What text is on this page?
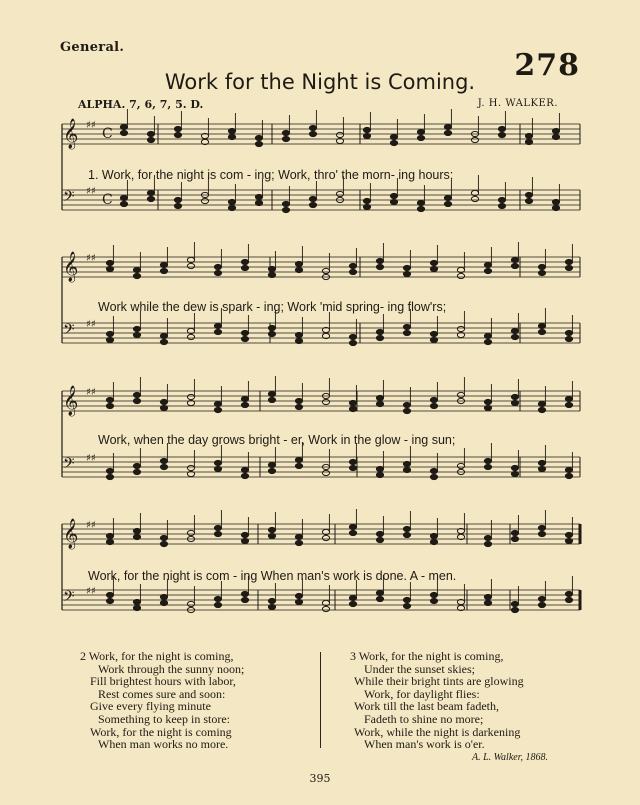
General.
278
Work for the Night is Coming.
ALPHA. 7, 6, 7, 5. D.	J. H. WALKER.
𝄞 ♯♯
C
𝄢 ♯♯
C
𝄞 ♯♯
𝄢 ♯♯
𝄞 ♯♯
𝄢 ♯♯
𝄞 ♯♯
𝄢 ♯♯
1. Work, for the night is com - ing; Work, thro' the morn- ing hours;
Work while the dew is spark - ing; Work 'mid spring- ing flow'rs;
Work, when the day grows bright - er, Work in the glow - ing sun;
Work, for the night is com - ing When man's work is done. A - men.
2 Work, for the night is coming,
Work through the sunny noon;
Fill brightest hours with labor,
Rest comes sure and soon:
Give every flying minute
Something to keep in store:
Work, for the night is coming
When man works no more.
3 Work, for the night is coming,
Under the sunset skies;
While their bright tints are glowing
Work, for daylight flies:
Work till the last beam fadeth,
Fadeth to shine no more;
Work, while the night is darkening
When man's work is o'er.
A. L. Walker, 1868.
395
